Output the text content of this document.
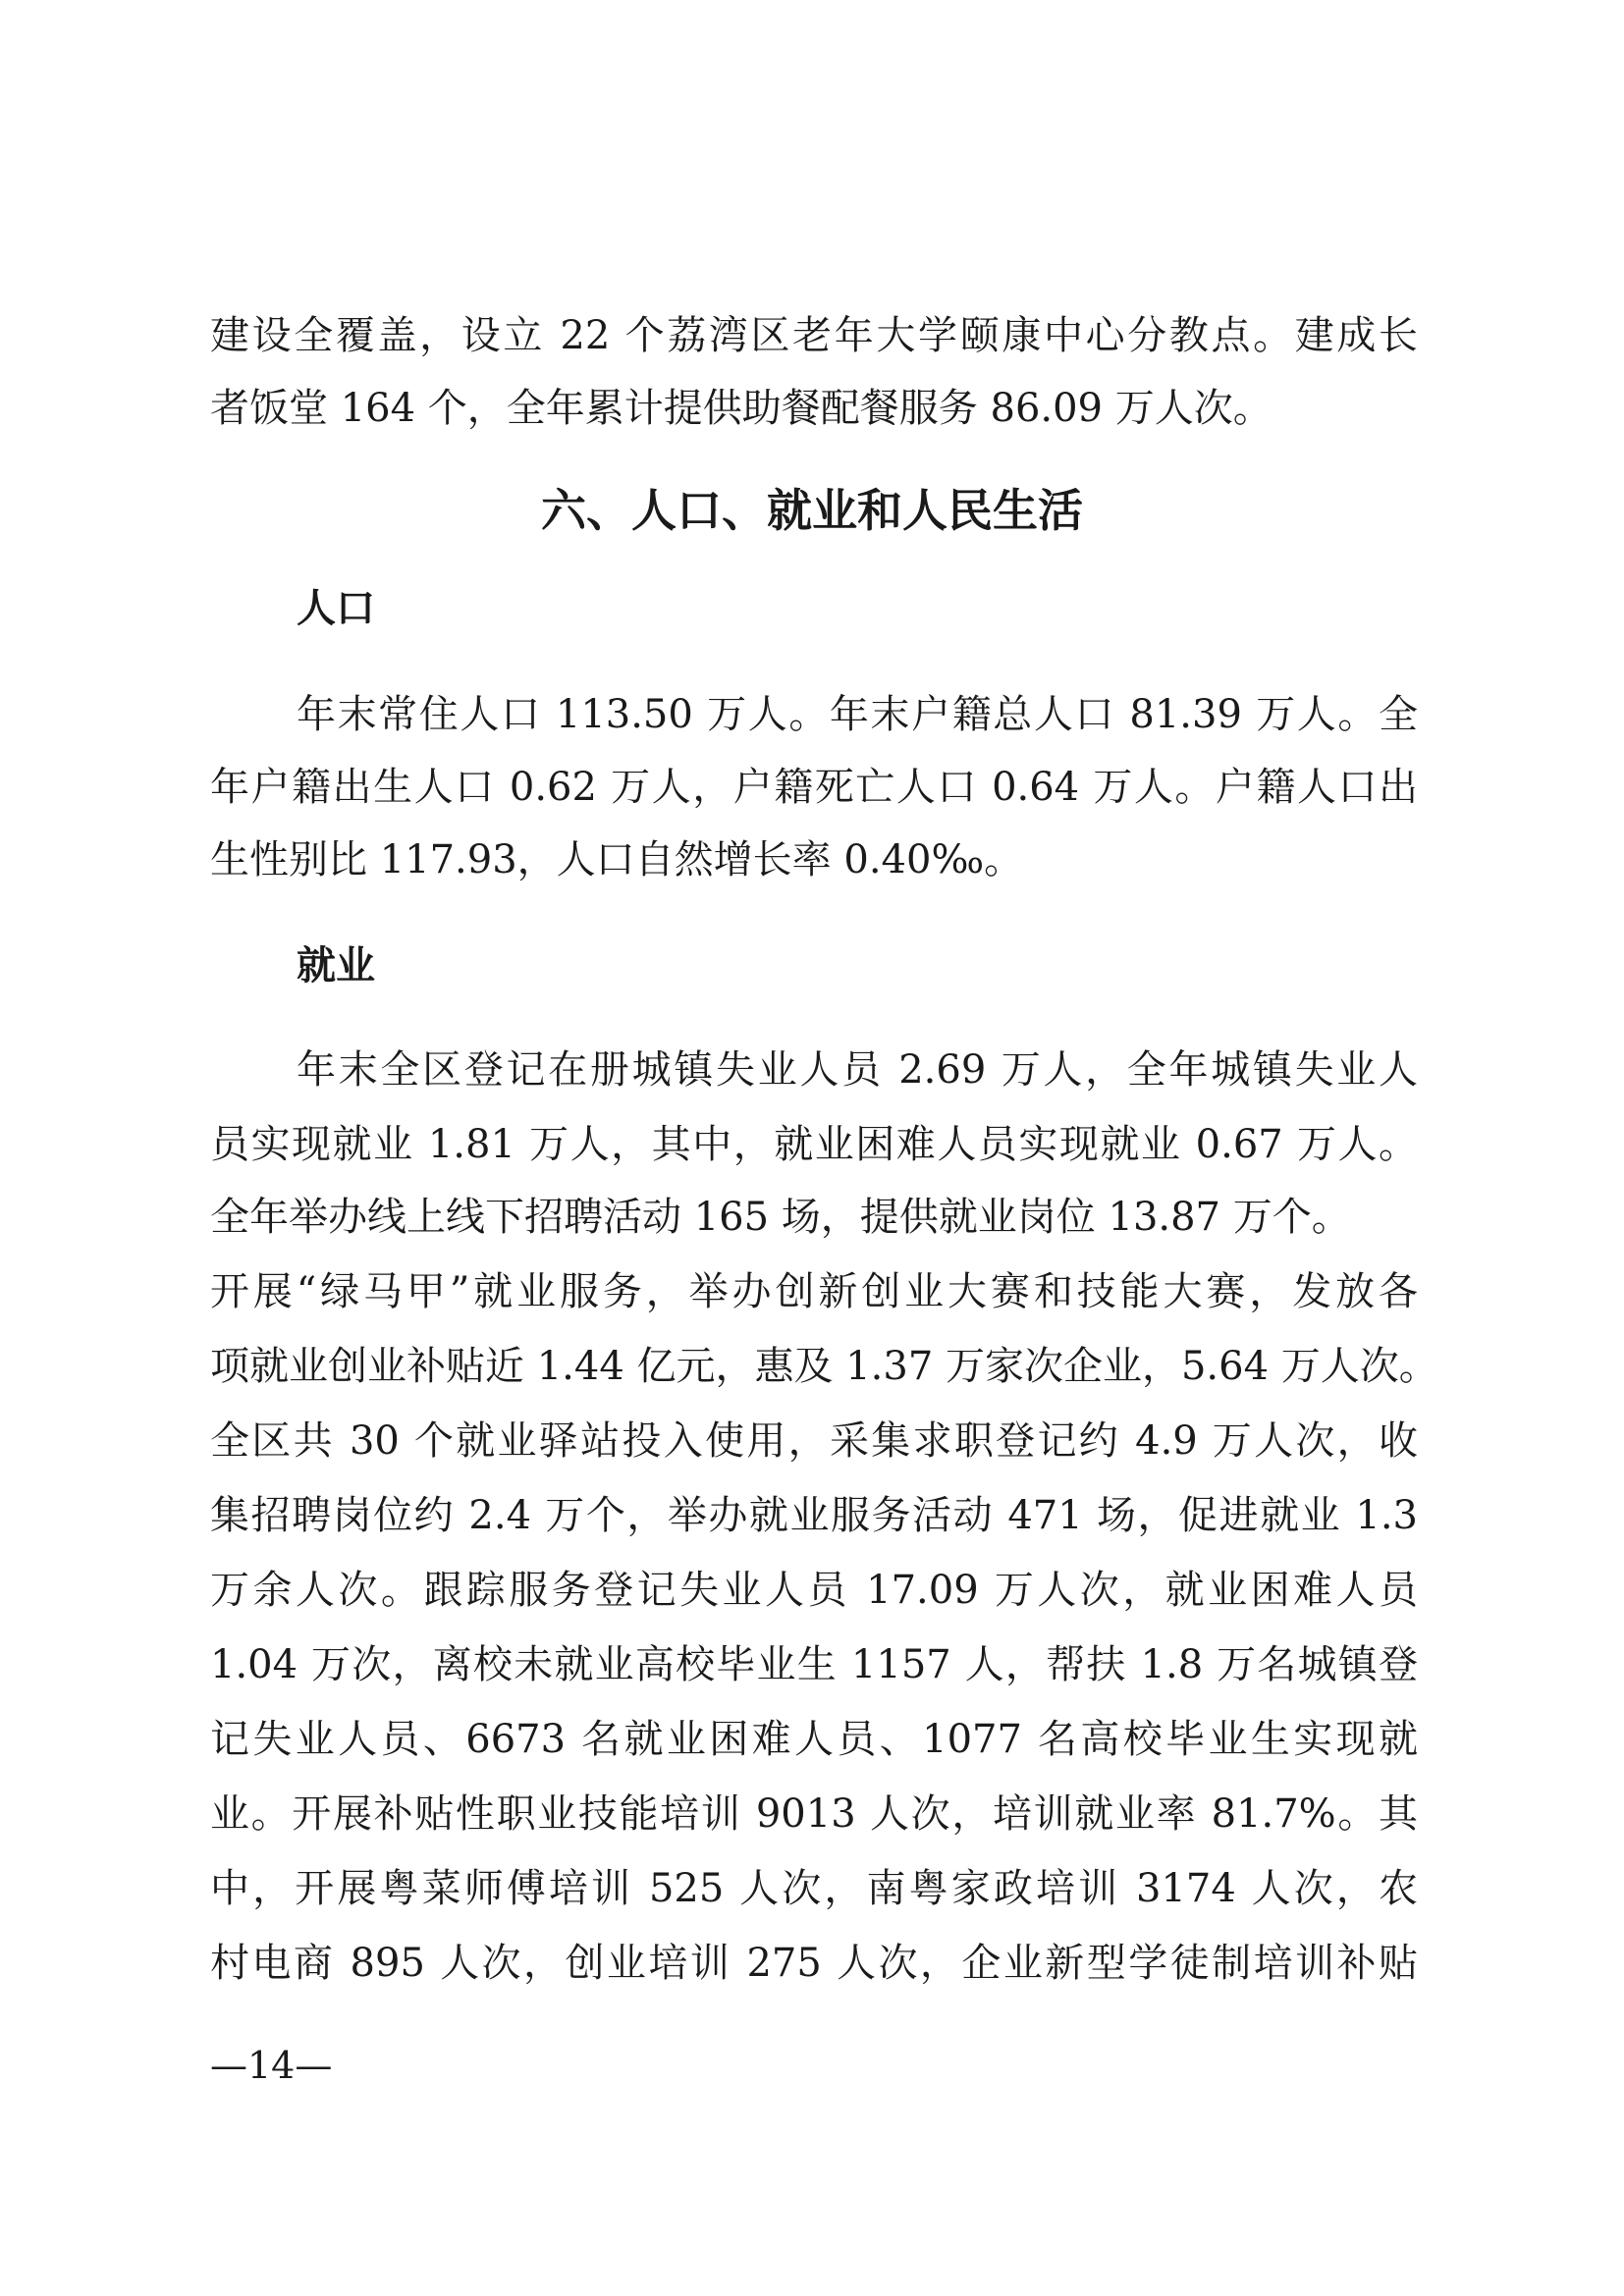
建设全覆盖，设立 22 个荔湾区老年大学颐康中心分教点。建成长
者饭堂 164 个，全年累计提供助餐配餐服务 86.09 万人次。
六、人口、就业和人民生活
人口
年末常住人口 113.50 万人。年末户籍总人口 81.39 万人。全
年户籍出生人口 0.62 万人，户籍死亡人口 0.64 万人。户籍人口出
生性别比 117.93，人口自然增长率 0.40‰。
就业
年末全区登记在册城镇失业人员 2.69 万人，全年城镇失业人
员实现就业 1.81 万人，其中，就业困难人员实现就业 0.67 万人。
全年举办线上线下招聘活动 165 场，提供就业岗位 13.87 万个。
开展“绿马甲”就业服务，举办创新创业大赛和技能大赛，发放各
项就业创业补贴近 1.44 亿元，惠及 1.37 万家次企业，5.64 万人次。
全区共 30 个就业驿站投入使用，采集求职登记约 4.9 万人次，收
集招聘岗位约 2.4 万个，举办就业服务活动 471 场，促进就业 1.3
万余人次。跟踪服务登记失业人员 17.09 万人次，就业困难人员
1.04 万次，离校未就业高校毕业生 1157 人，帮扶 1.8 万名城镇登
记失业人员、6673 名就业困难人员、1077 名高校毕业生实现就
业。开展补贴性职业技能培训 9013 人次，培训就业率 81.7%。其
中，开展粤菜师傅培训 525 人次，南粤家政培训 3174 人次，农
村电商 895 人次，创业培训 275 人次，企业新型学徒制培训补贴
—14—
